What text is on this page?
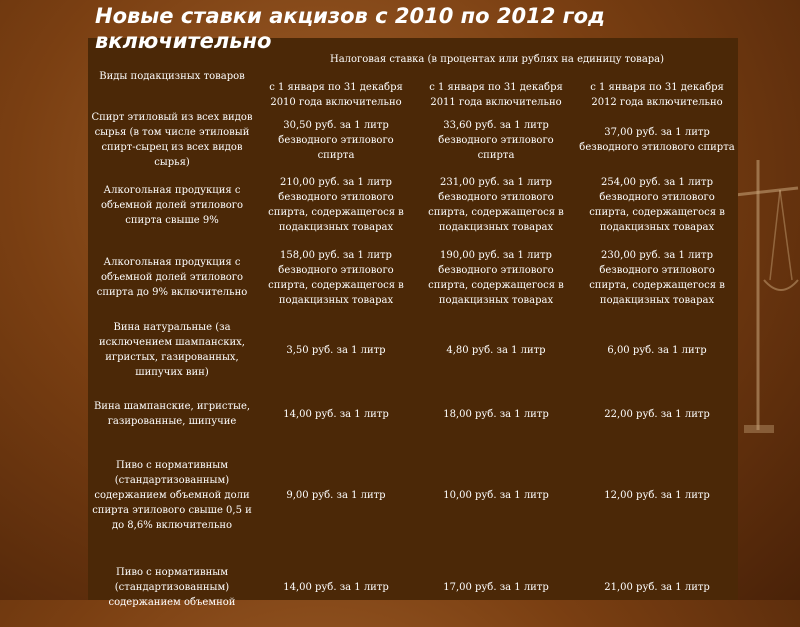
Новые ставки акцизов с 2010 по 2012 год включительно
Виды подакцизных товаров	Налоговая ставка (в процентах или рублях на единицу товара)		
	с 1 января по 31 декабря 2010 года включительно	с 1 января по 31 декабря 2011 года включительно	с 1 января по 31 декабря 2012 года включительно
Спирт этиловый из всех видов сырья (в том числе этиловый спирт-сырец из всех видов сырья)	30,50 руб. за 1 литр безводного этилового спирта	33,60 руб. за 1 литр безводного этилового спирта	37,00 руб. за 1 литр безводного этилового спирта
Алкогольная продукция с объемной долей этилового спирта свыше 9%	210,00 руб. за 1 литр безводного этилового спирта, содержащегося в подакцизных товарах	231,00 руб. за 1 литр безводного этилового спирта, содержащегося в подакцизных товарах	254,00 руб. за 1 литр безводного этилового спирта, содержащегося в подакцизных товарах
Алкогольная продукция с объемной долей этилового спирта до 9% включительно	158,00 руб. за 1 литр безводного этилового спирта, содержащегося в подакцизных товарах	190,00 руб. за 1 литр безводного этилового спирта, содержащегося в подакцизных товарах	230,00 руб. за 1 литр безводного этилового спирта, содержащегося в подакцизных товарах
Вина натуральные (за исключением шампанских, игристых, газированных, шипучих вин)	3,50 руб. за 1 литр	4,80 руб. за 1 литр	6,00 руб. за 1 литр
Вина шампанские, игристые, газированные, шипучие	14,00 руб. за 1 литр	18,00 руб. за 1 литр	22,00 руб. за 1 литр
Пиво с нормативным (стандартизованным) содержанием объемной доли спирта этилового свыше 0,5 и до 8,6% включительно	9,00 руб. за 1 литр	10,00 руб. за 1 литр	12,00 руб. за 1 литр
Пиво с нормативным (стандартизованным) содержанием объемной	14,00 руб. за 1 литр	17,00 руб. за 1 литр	21,00 руб. за 1 литр
